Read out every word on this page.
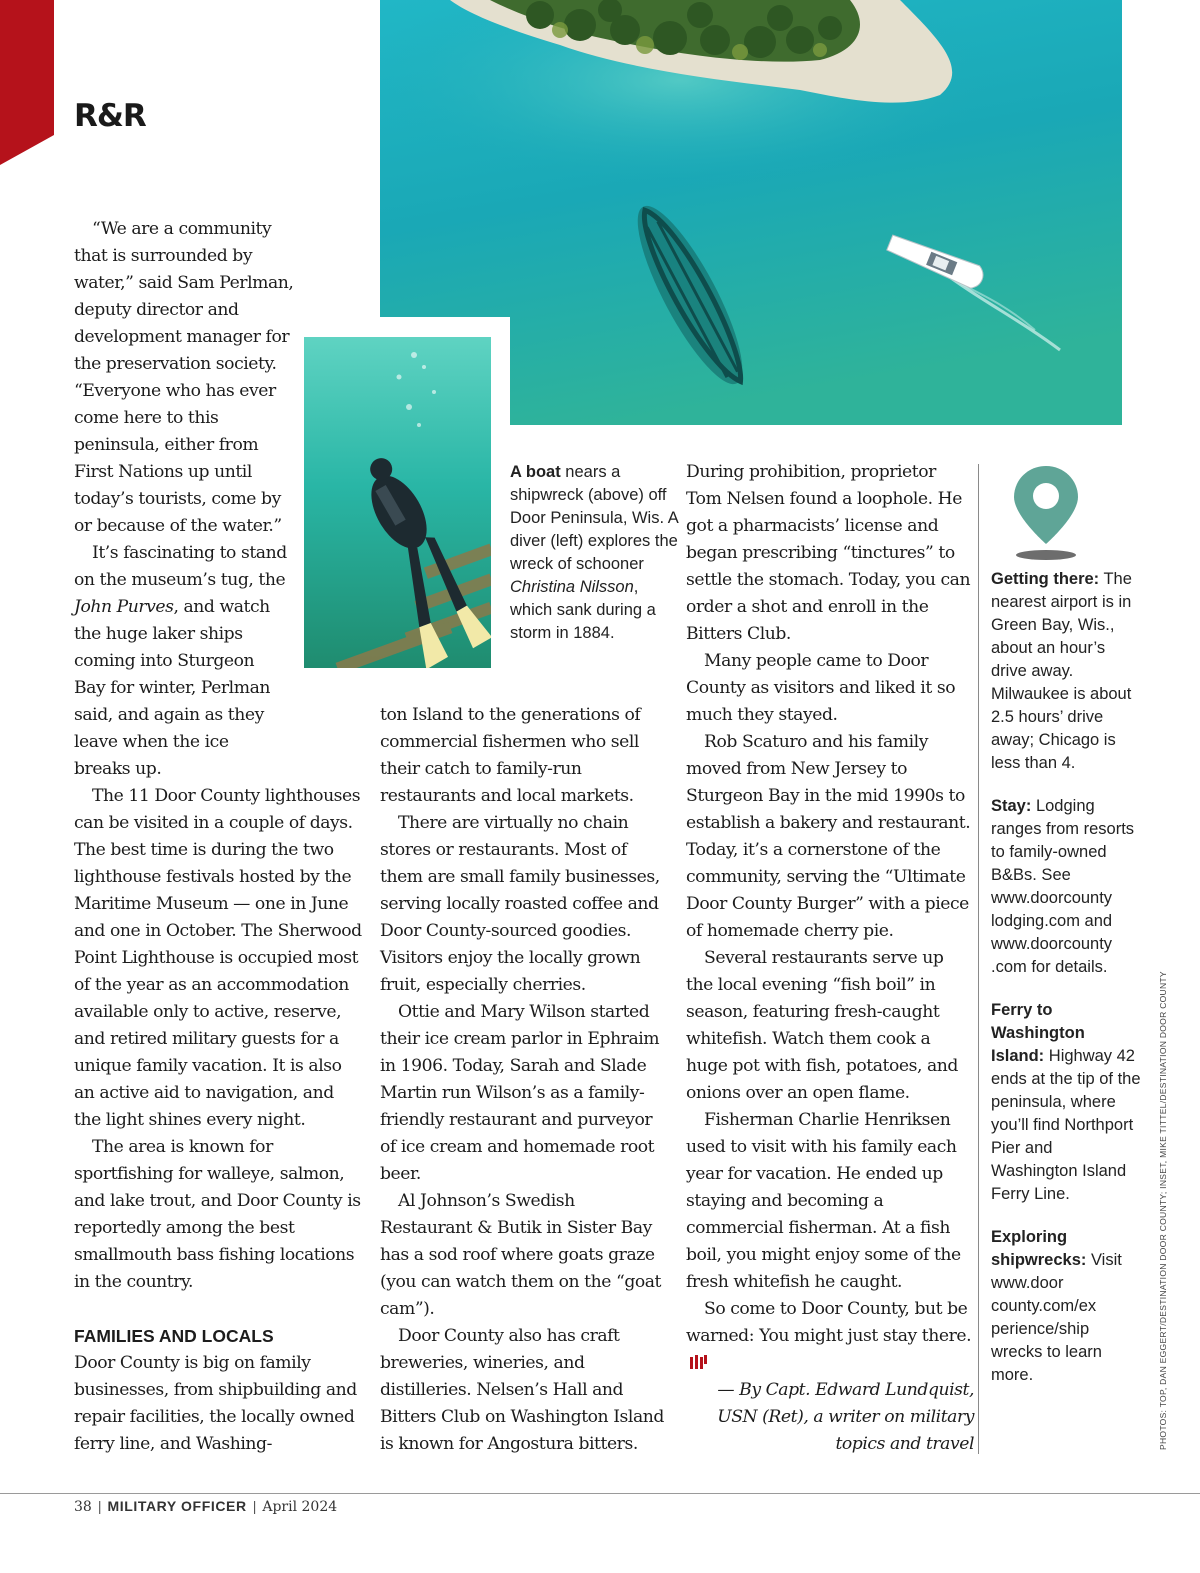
R&R

“We are a community that is surrounded by water,” said Sam Perlman, deputy director and development manager for the preservation society. “Everyone who has ever come here to this peninsula, either from First Nations up until today’s tourists, come by or because of the water.”

It’s fascinating to stand on the museum’s tug, the John Purves, and watch the huge laker ships coming into Sturgeon Bay for winter, Perlman said, and again as they leave when the ice breaks up.

The 11 Door County lighthouses can be visited in a couple of days. The best time is during the two lighthouse festivals hosted by the Maritime Museum — one in June and one in October. The Sherwood Point Lighthouse is occupied most of the year as an accommodation available only to active, reserve, and retired military guests for a unique family vacation. It is also an active aid to navigation, and the light shines every night.

The area is known for sportfishing for walleye, salmon, and lake trout, and Door County is reportedly among the best smallmouth bass fishing locations in the country.

FAMILIES AND LOCALS

Door County is big on family businesses, from shipbuilding and repair facilities, the locally owned ferry line, and Washing-

ton Island to the generations of commercial fishermen who sell their catch to family-run restaurants and local markets.

There are virtually no chain stores or restaurants. Most of them are small family businesses, serving locally roasted coffee and Door County-sourced goodies. Visitors enjoy the locally grown fruit, especially cherries.

Ottie and Mary Wilson started their ice cream parlor in Ephraim in 1906. Today, Sarah and Slade Martin run Wilson’s as a family-friendly restaurant and purveyor of ice cream and homemade root beer.

Al Johnson’s Swedish Restaurant & Butik in Sister Bay has a sod roof where goats graze (you can watch them on the “goat cam”).

Door County also has craft breweries, wineries, and distilleries. Nelsen’s Hall and Bitters Club on Washington Island is known for Angostura bitters.

During prohibition, proprietor Tom Nelsen found a loophole. He got a pharmacists’ license and began prescribing “tinctures” to settle the stomach. Today, you can order a shot and enroll in the Bitters Club.

Many people came to Door County as visitors and liked it so much they stayed.

Rob Scaturo and his family moved from New Jersey to Sturgeon Bay in the mid 1990s to establish a bakery and restaurant. Today, it’s a cornerstone of the community, serving the “Ultimate Door County Burger” with a piece of homemade cherry pie.

Several restaurants serve up the local evening “fish boil” in season, featuring fresh-caught whitefish. Watch them cook a huge pot with fish, potatoes, and onions over an open flame.

Fisherman Charlie Henriksen used to visit with his family each year for vacation. He ended up staying and becoming a commercial fisherman. At a fish boil, you might enjoy some of the fresh whitefish he caught.

So come to Door County, but be warned: You might just stay there.

— By Capt. Edward Lundquist, USN (Ret), a writer on military topics and travel

A boat nears a shipwreck (above) off Door Peninsula, Wis. A diver (left) explores the wreck of schooner Christina Nilsson, which sank during a storm in 1884.

Getting there: The nearest airport is in Green Bay, Wis., about an hour’s drive away. Milwaukee is about 2.5 hours’ drive away; Chicago is less than 4.

Stay: Lodging ranges from resorts to family-owned B&Bs. See www.doorcounty lodging.com and www.doorcounty .com for details.

Ferry to Washington Island: Highway 42 ends at the tip of the peninsula, where you’ll find Northport Pier and Washington Island Ferry Line.

Exploring shipwrecks: Visit www.door county.com/ex perience/ship wrecks to learn more.	PHOTOS: TOP, DAN EGGERT/DESTINATION DOOR COUNTY; INSET, MIKE TITTEL/DESTINATION DOOR COUNTY
38 | MILITARY OFFICER | April 2024
